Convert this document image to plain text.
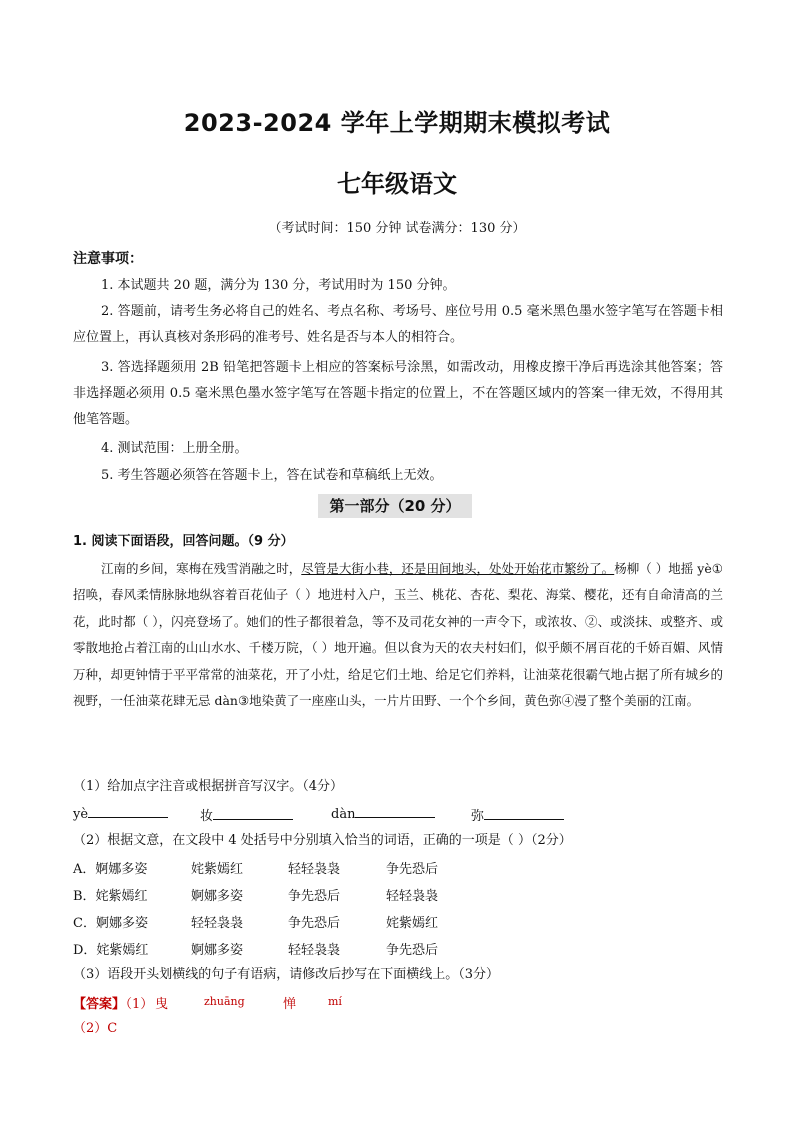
2023-2024 学年上学期期末模拟考试
七年级语文
（考试时间：150 分钟 试卷满分：130 分）
注意事项：
1. 本试题共 20 题，满分为 130 分，考试用时为 150 分钟。
2. 答题前，请考生务必将自己的姓名、考点名称、考场号、座位号用 0.5 毫米黑色墨水签字笔写在答题卡相应位置上，再认真核对条形码的准考号、姓名是否与本人的相符合。
3. 答选择题须用 2B 铅笔把答题卡上相应的答案标号涂黑，如需改动，用橡皮擦干净后再选涂其他答案；答非选择题必须用 0.5 毫米黑色墨水签字笔写在答题卡指定的位置上，不在答题区域内的答案一律无效，不得用其他笔答题。
4. 测试范围：上册全册。
5. 考生答题必须答在答题卡上，答在试卷和草稿纸上无效。
第一部分（20 分）
1. 阅读下面语段，回答问题。（9 分）
江南的乡间，寒梅在残雪消融之时，尽管是大街小巷，还是田间地头，处处开始花市繁纷了。杨柳（ ）地摇 yè①招唤，春风柔情脉脉地纵容着百花仙子（ ）地进村入户，玉兰、桃花、杏花、梨花、海棠、樱花，还有自命清高的兰花，此时都（ ），闪亮登场了。她们的性子都很着急，等不及司花女神的一声令下，或浓妆、②、或淡抹、或整齐、或零散地抢占着江南的山山水水、千楼万院，（ ）地开遍。但以食为天的农夫村妇们，似乎颇不屑百花的千娇百媚、风情万种，却更钟情于平平常常的油菜花，开了小灶，给足它们土地、给足它们养料，让油菜花很霸气地占据了所有城乡的视野，一任油菜花肆无忌 dàn③地染黄了一座座山头，一片片田野、一个个乡间，黄色弥④漫了整个美丽的江南。
（1）给加点字注音或根据拼音写汉字。（4分）
yè	妆	dàn	弥
（2）根据文意，在文段中 4 处括号中分别填入恰当的词语，正确的一项是（ ）（2分）
A．婀娜多姿	姹紫嫣红	轻轻袅袅	争先恐后
B．姹紫嫣红	婀娜多姿	争先恐后	轻轻袅袅
C．婀娜多姿	轻轻袅袅	争先恐后	姹紫嫣红
D．姹紫嫣红	婀娜多姿	轻轻袅袅	争先恐后
（3）语段开头划横线的句子有语病，请修改后抄写在下面横线上。（3分）
【答案】
（1） 曳	zhuāng	惮	mí
（2）C
